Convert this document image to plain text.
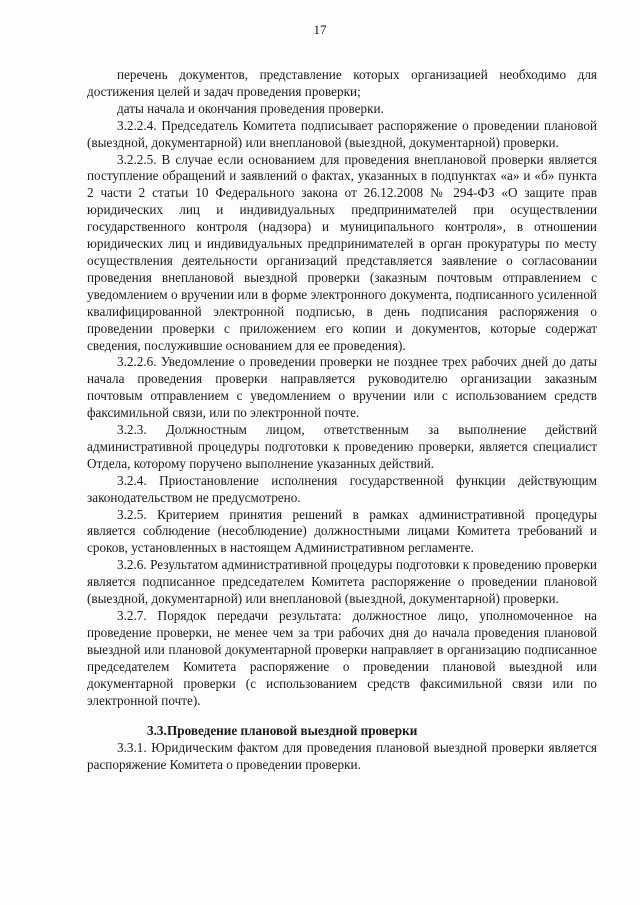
17

перечень документов, представление которых организацией необходимо для достижения целей и задач проведения проверки;

даты начала и окончания проведения проверки.

3.2.2.4. Председатель Комитета подписывает распоряжение о проведении плановой (выездной, документарной) или внеплановой (выездной, документарной) проверки.

3.2.2.5. В случае если основанием для проведения внеплановой проверки является поступление обращений и заявлений о фактах, указанных в подпунктах «а» и «б» пункта 2 части 2 статьи 10 Федерального закона от 26.12.2008 № 294-ФЗ «О защите прав юридических лиц и индивидуальных предпринимателей при осуществлении государственного контроля (надзора) и муниципального контроля», в отношении юридических лиц и индивидуальных предпринимателей в орган прокуратуры по месту осуществления деятельности организаций представляется заявление о согласовании проведения внеплановой выездной проверки (заказным почтовым отправлением с уведомлением о вручении или в форме электронного документа, подписанного усиленной квалифицированной электронной подписью, в день подписания распоряжения о проведении проверки с приложением его копии и документов, которые содержат сведения, послужившие основанием для ее проведения).

3.2.2.6. Уведомление о проведении проверки не позднее трех рабочих дней до даты начала проведения проверки направляется руководителю организации заказным почтовым отправлением с уведомлением о вручении или с использованием средств факсимильной связи, или по электронной почте.

3.2.3. Должностным лицом, ответственным за выполнение действий административной процедуры подготовки к проведению проверки, является специалист Отдела, которому поручено выполнение указанных действий.

3.2.4. Приостановление исполнения государственной функции действующим законодательством не предусмотрено.

3.2.5. Критерием принятия решений в рамках административной процедуры является соблюдение (несоблюдение) должностными лицами Комитета требований и сроков, установленных в настоящем Административном регламенте.

3.2.6. Результатом административной процедуры подготовки к проведению проверки является подписанное председателем Комитета распоряжение о проведении плановой (выездной, документарной) или внеплановой (выездной, документарной) проверки.

3.2.7. Порядок передачи результата: должностное лицо, уполномоченное на проведение проверки, не менее чем за три рабочих дня до начала проведения плановой выездной или плановой документарной проверки направляет в организацию подписанное председателем Комитета распоряжение о проведении плановой выездной или документарной проверки (с использованием средств факсимильной связи или по электронной почте).

3.3.Проведение плановой выездной проверки

3.3.1. Юридическим фактом для проведения плановой выездной проверки является распоряжение Комитета о проведении проверки.
